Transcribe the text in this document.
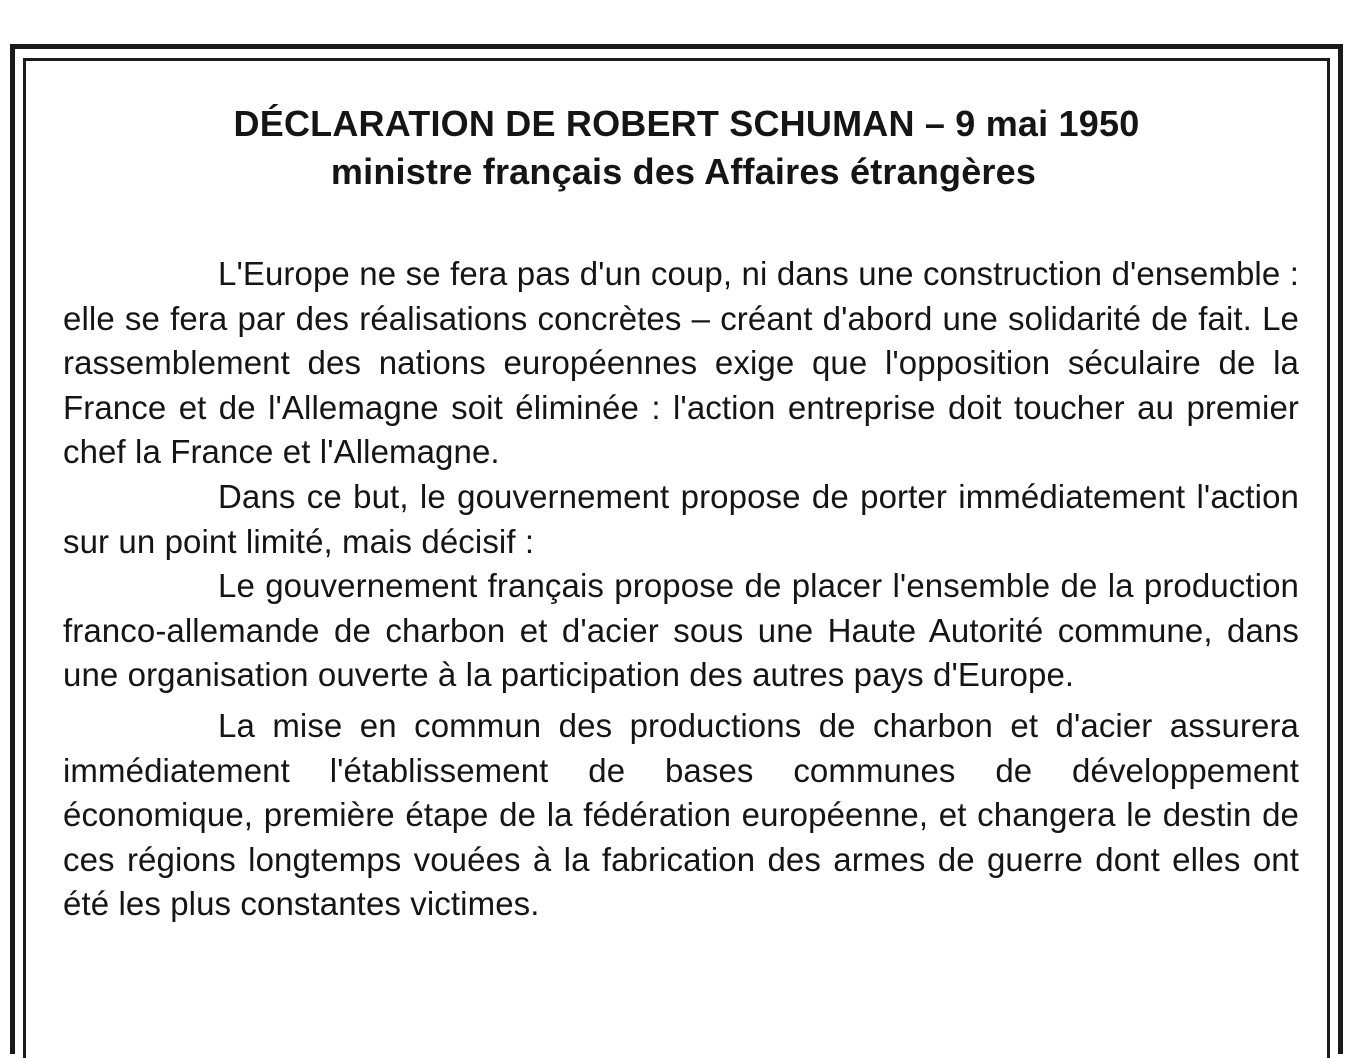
DÉCLARATION DE ROBERT SCHUMAN – 9 mai 1950
ministre français des Affaires étrangères

L'Europe ne se fera pas d'un coup, ni dans une construction d'ensemble : elle se fera par des réalisations concrètes – créant d'abord une solidarité de fait. Le rassemblement des nations européennes exige que l'opposition séculaire de la France et de l'Allemagne soit éliminée : l'action entreprise doit toucher au premier chef la France et l'Allemagne.

Dans ce but, le gouvernement propose de porter immédiatement l'action sur un point limité, mais décisif :

Le gouvernement français propose de placer l'ensemble de la production franco-allemande de charbon et d'acier sous une Haute Autorité commune, dans une organisation ouverte à la participation des autres pays d'Europe.

La mise en commun des productions de charbon et d'acier assurera immédiatement l'établissement de bases communes de développement économique, première étape de la fédération européenne, et changera le destin de ces régions longtemps vouées à la fabrication des armes de guerre dont elles ont été les plus constantes victimes.
